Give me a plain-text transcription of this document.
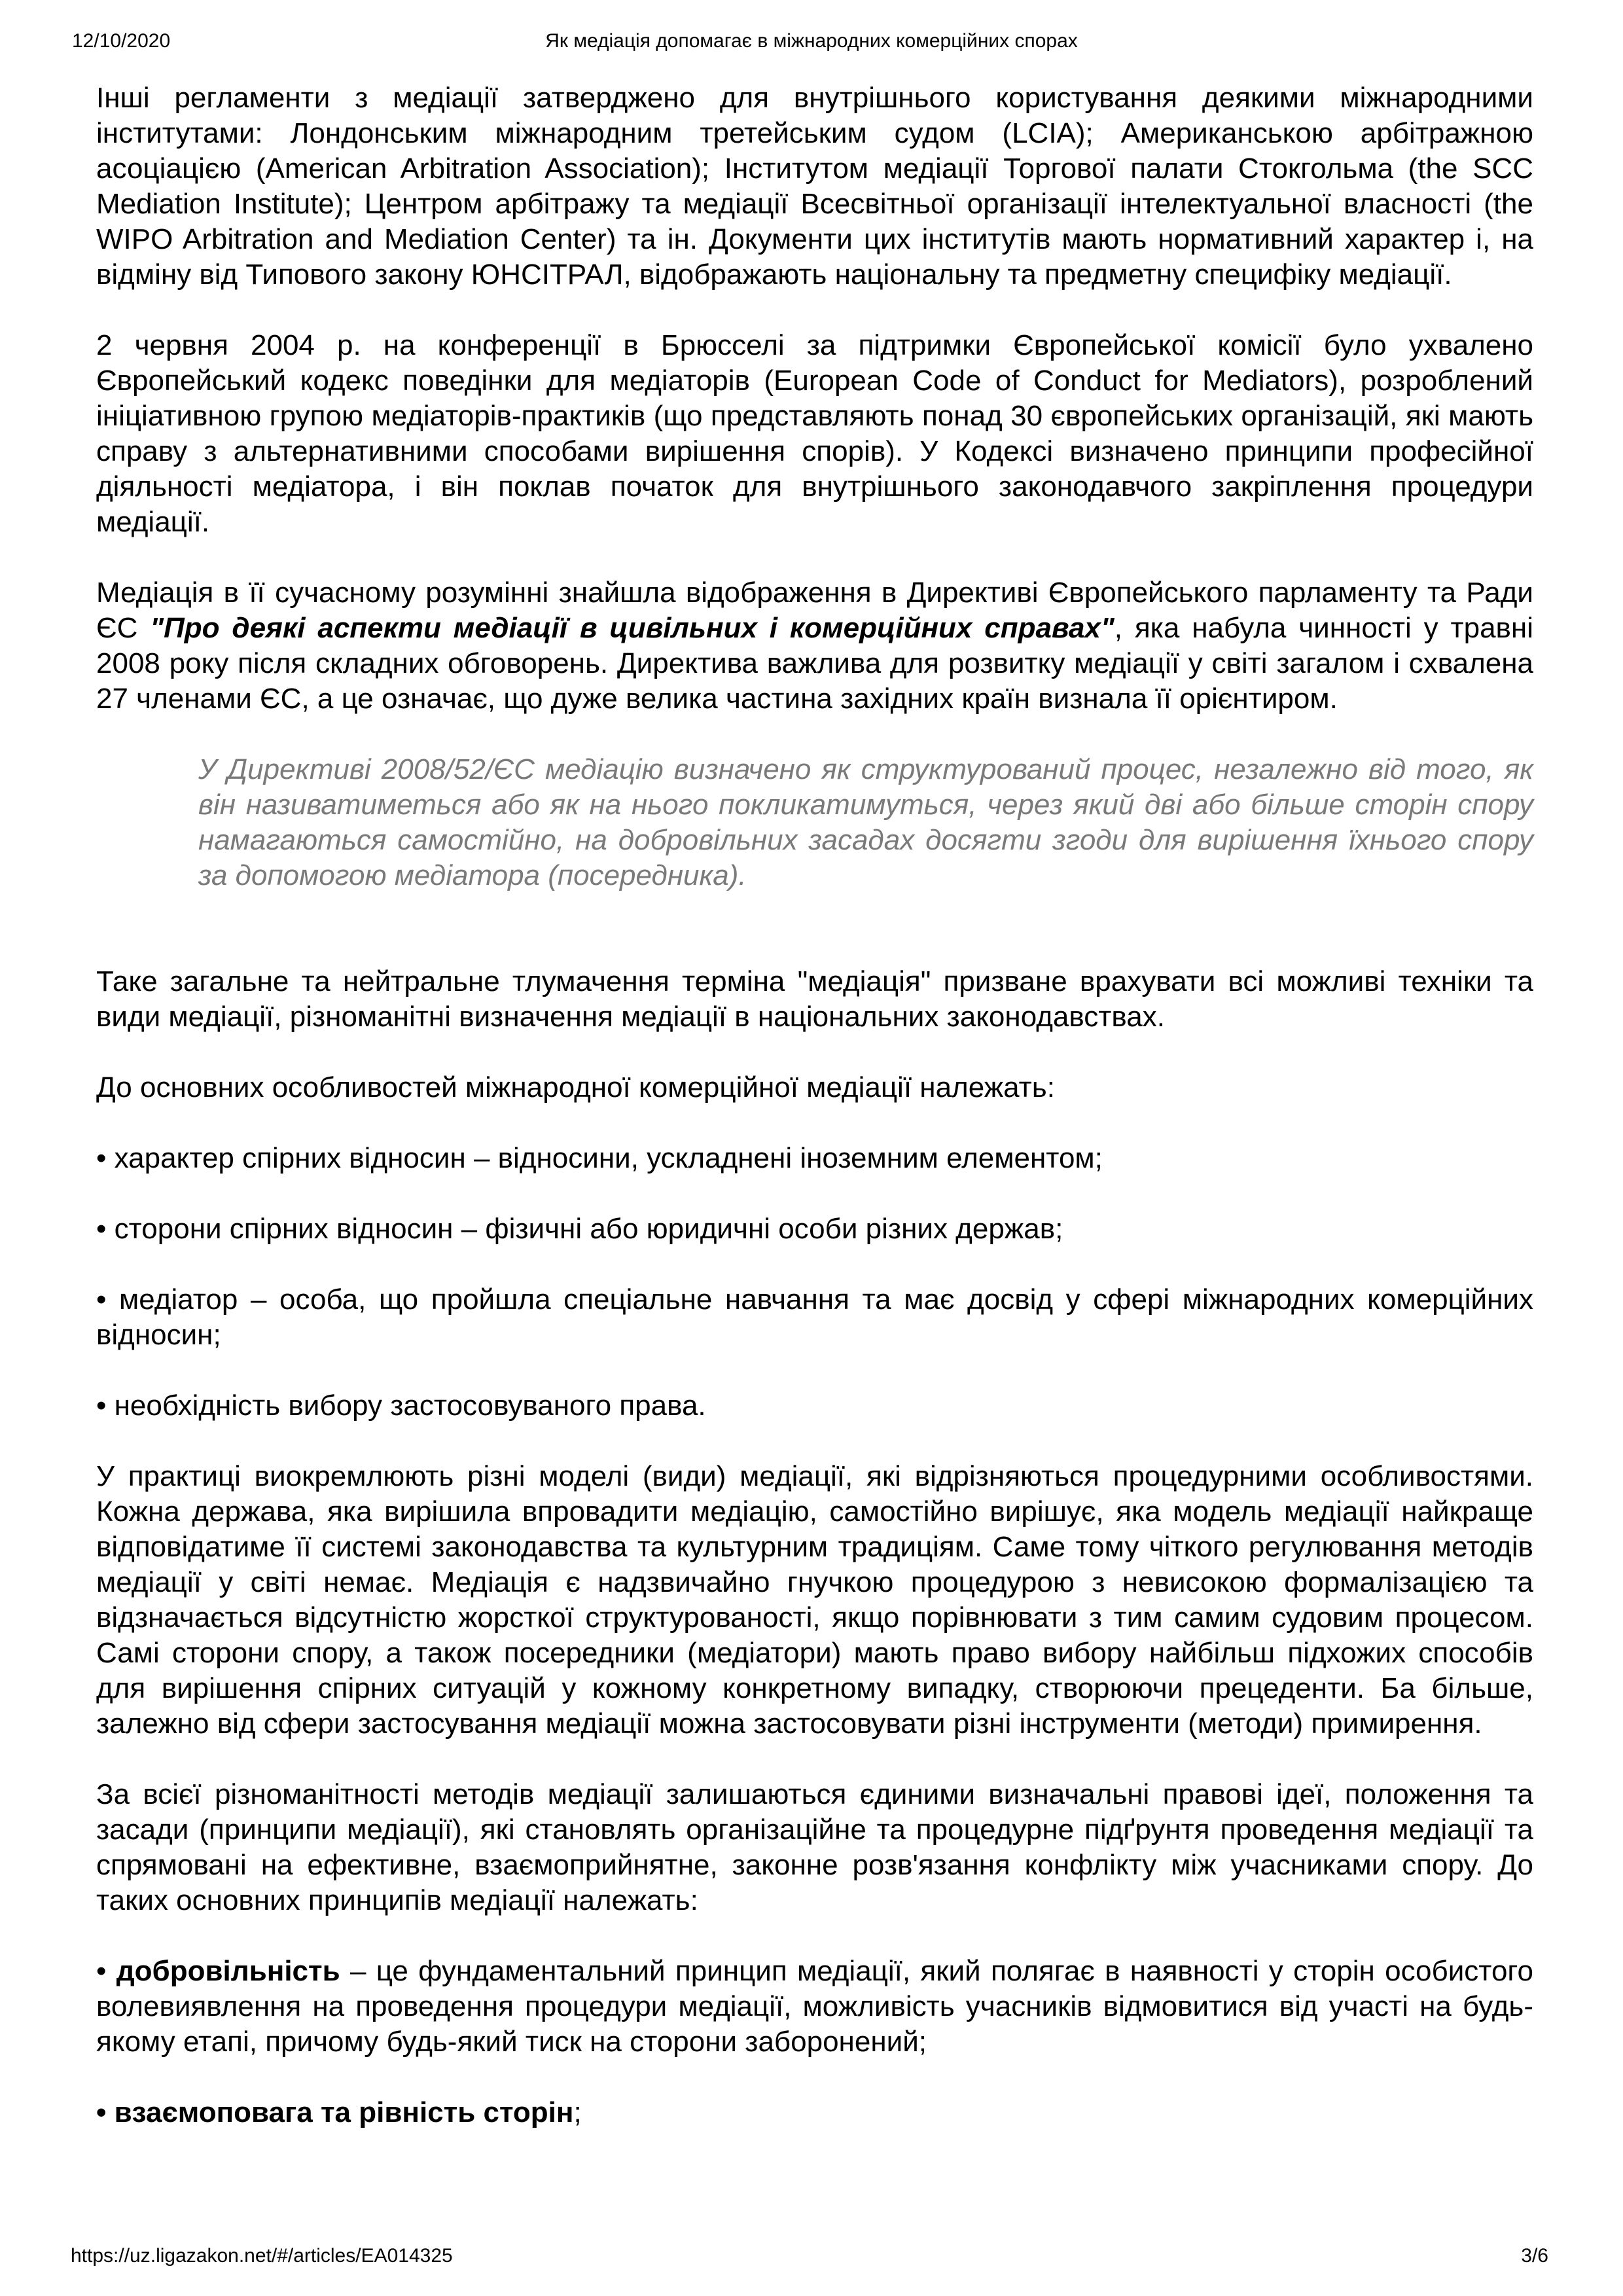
12/10/2020	Як медіація допомагає в міжнародних комерційних спорах

Інші регламенти з медіації затверджено для внутрішнього користування деякими міжнародними інститутами: Лондонським міжнародним третейським судом (LCIA); Американською арбітражною асоціацією (American Arbitration Association); Інститутом медіації Торгової палати Стокгольма (the SCC Mediation Institute); Центром арбітражу та медіації Всесвітньої організації інтелектуальної власності (the WIPO Arbitration and Mediation Center) та ін. Документи цих інститутів мають нормативний характер і, на відміну від Типового закону ЮНСІТРАЛ, відображають національну та предметну специфіку медіації.

2 червня 2004 р. на конференції в Брюсселі за підтримки Європейської комісії було ухвалено Європейський кодекс поведінки для медіаторів (European Code of Conduct for Mediators), розроблений ініціативною групою медіаторів-практиків (що представляють понад 30 європейських організацій, які мають справу з альтернативними способами вирішення спорів). У Кодексі визначено принципи професійної діяльності медіатора, і він поклав початок для внутрішнього законодавчого закріплення процедури медіації.

Медіація в її сучасному розумінні знайшла відображення в Директиві Європейського парламенту та Ради ЄС "Про деякі аспекти медіації в цивільних і комерційних справах", яка набула чинності у травні 2008 року після складних обговорень. Директива важлива для розвитку медіації у світі загалом і схвалена 27 членами ЄС, а це означає, що дуже велика частина західних країн визнала її орієнтиром.

У Директиві 2008/52/ЄС медіацію визначено як структурований процес, незалежно від того, як він називатиметься або як на нього покликатимуться, через який дві або більше сторін спору намагаються самостійно, на добровільних засадах досягти згоди для вирішення їхнього спору за допомогою медіатора (посередника).

Таке загальне та нейтральне тлумачення терміна "медіація" призване врахувати всі можливі техніки та види медіації, різноманітні визначення медіації в національних законодавствах.

До основних особливостей міжнародної комерційної медіації належать:

• характер спірних відносин – відносини, ускладнені іноземним елементом;

• сторони спірних відносин – фізичні або юридичні особи різних держав;

• медіатор – особа, що пройшла спеціальне навчання та має досвід у сфері міжнародних комерційних відносин;

• необхідність вибору застосовуваного права.

У практиці виокремлюють різні моделі (види) медіації, які відрізняються процедурними особливостями. Кожна держава, яка вирішила впровадити медіацію, самостійно вирішує, яка модель медіації найкраще відповідатиме її системі законодавства та культурним традиціям. Саме тому чіткого регулювання методів медіації у світі немає. Медіація є надзвичайно гнучкою процедурою з невисокою формалізацією та відзначається відсутністю жорсткої структурованості, якщо порівнювати з тим самим судовим процесом. Самі сторони спору, а також посередники (медіатори) мають право вибору найбільш підхожих способів для вирішення спірних ситуацій у кожному конкретному випадку, створюючи прецеденти. Ба більше, залежно від сфери застосування медіації можна застосовувати різні інструменти (методи) примирення.

За всієї різноманітності методів медіації залишаються єдиними визначальні правові ідеї, положення та засади (принципи медіації), які становлять організаційне та процедурне підґрунтя проведення медіації та спрямовані на ефективне, взаємоприйнятне, законне розв'язання конфлікту між учасниками спору. До таких основних принципів медіації належать:

• добровільність – це фундаментальний принцип медіації, який полягає в наявності у сторін особистого волевиявлення на проведення процедури медіації, можливість учасників відмовитися від участі на будь-якому етапі, причому будь-який тиск на сторони заборонений;

• взаємоповага та рівність сторін;

https://uz.ligazakon.net/#/articles/EA014325	3/6
